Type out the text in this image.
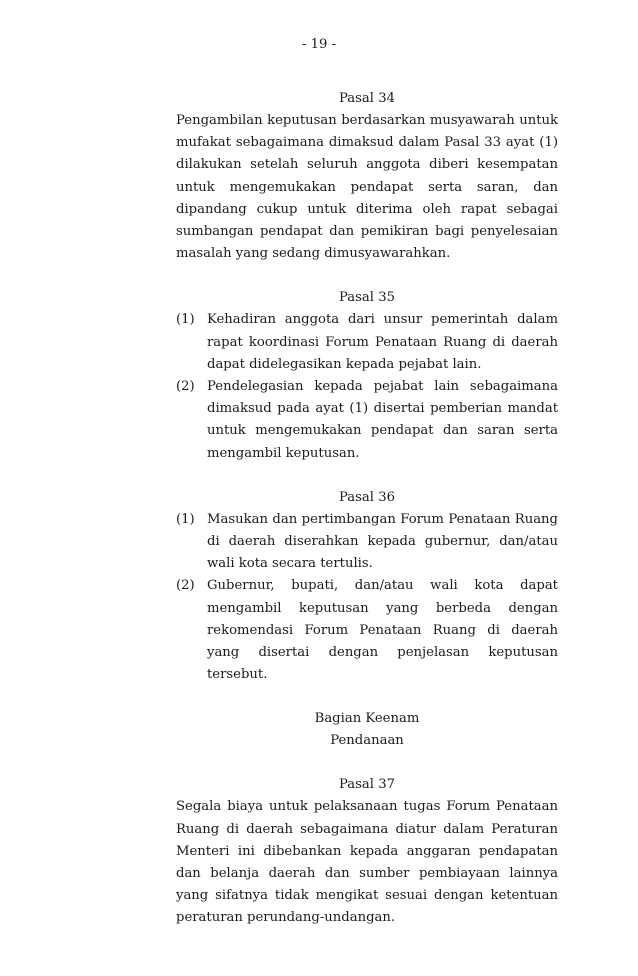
- 19 -

Pasal 34

Pengambilan keputusan berdasarkan musyawarah untuk mufakat sebagaimana dimaksud dalam Pasal 33 ayat (1) dilakukan setelah seluruh anggota diberi kesempatan untuk mengemukakan pendapat serta saran, dan dipandang cukup untuk diterima oleh rapat sebagai sumbangan pendapat dan pemikiran bagi penyelesaian masalah yang sedang dimusyawarahkan.

Pasal 35

(1) Kehadiran anggota dari unsur pemerintah dalam rapat koordinasi Forum Penataan Ruang di daerah dapat didelegasikan kepada pejabat lain.
(2) Pendelegasian kepada pejabat lain sebagaimana dimaksud pada ayat (1) disertai pemberian mandat untuk mengemukakan pendapat dan saran serta mengambil keputusan.

Pasal 36

(1) Masukan dan pertimbangan Forum Penataan Ruang di daerah diserahkan kepada gubernur, dan/atau wali kota secara tertulis.
(2) Gubernur, bupati, dan/atau wali kota dapat mengambil keputusan yang berbeda dengan rekomendasi Forum Penataan Ruang di daerah yang disertai dengan penjelasan keputusan tersebut.

Bagian Keenam

Pendanaan

Pasal 37

Segala biaya untuk pelaksanaan tugas Forum Penataan Ruang di daerah sebagaimana diatur dalam Peraturan Menteri ini dibebankan kepada anggaran pendapatan dan belanja daerah dan sumber pembiayaan lainnya yang sifatnya tidak mengikat sesuai dengan ketentuan peraturan perundang-undangan.
